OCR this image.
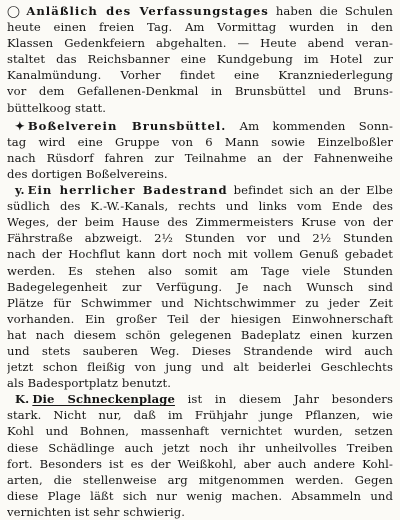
◯ Anläßlich des Verfassungstages haben die Schulen
heute einen freien Tag. Am Vormittag wurden in den
Klassen Gedenkfeiern abgehalten. — Heute abend veran-
staltet das Reichsbanner eine Kundgebung im Hotel zur
Kanalmündung. Vorher findet eine Kranzniederlegung
vor dem Gefallenen-Denkmal in Brunsbüttel und Bruns-
büttelkoog statt.
✦ Boßelverein Brunsbüttel. Am kommenden Sonn-
tag wird eine Gruppe von 6 Mann sowie Einzelboßler
nach Rüsdorf fahren zur Teilnahme an der Fahnenweihe
des dortigen Boßelvereins.
y. Ein herrlicher Badestrand befindet sich an der Elbe
südlich des K.-W.-Kanals, rechts und links vom Ende des
Weges, der beim Hause des Zimmermeisters Kruse von der
Fährstraße abzweigt. 2½ Stunden vor und 2½ Stunden
nach der Hochflut kann dort noch mit vollem Genuß gebadet
werden. Es stehen also somit am Tage viele Stunden
Badegelegenheit zur Verfügung. Je nach Wunsch sind
Plätze für Schwimmer und Nichtschwimmer zu jeder Zeit
vorhanden. Ein großer Teil der hiesigen Einwohnerschaft
hat nach diesem schön gelegenen Badeplatz einen kurzen
und stets sauberen Weg. Dieses Strandende wird auch
jetzt schon fleißig von jung und alt beiderlei Geschlechts
als Badesportplatz benutzt.
K. Die Schneckenplage ist in diesem Jahr besonders
stark. Nicht nur, daß im Frühjahr junge Pflanzen, wie
Kohl und Bohnen, massenhaft vernichtet wurden, setzen
diese Schädlinge auch jetzt noch ihr unheilvolles Treiben
fort. Besonders ist es der Weißkohl, aber auch andere Kohl-
arten, die stellenweise arg mitgenommen werden. Gegen
diese Plage läßt sich nur wenig machen. Absammeln und
vernichten ist sehr schwierig.
